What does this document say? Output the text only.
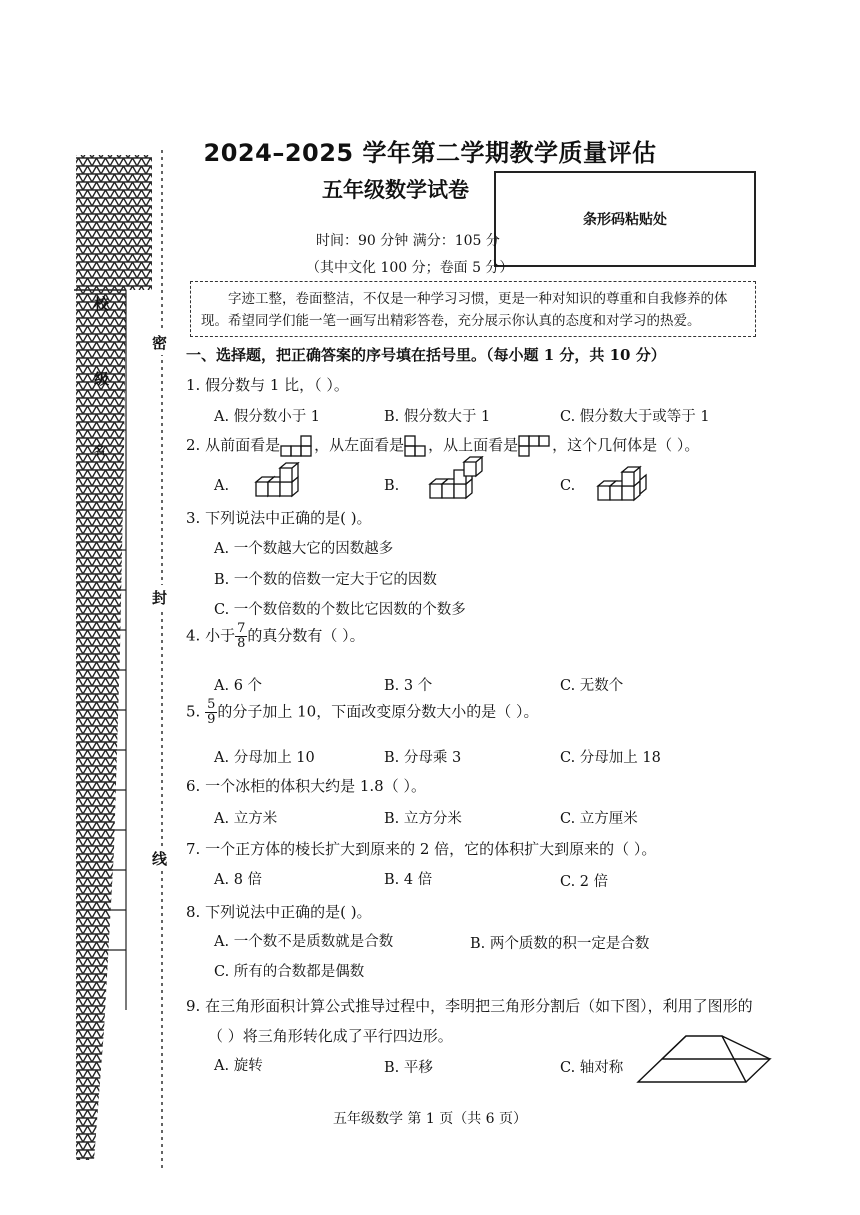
校
级
名
密
封
线
2024–2025 学年第二学期教学质量评估
五年级数学试卷
条形码粘贴处
时间：90 分钟 满分：105 分
（其中文化 100 分；卷面 5 分）
字迹工整，卷面整洁，不仅是一种学习习惯，更是一种对知识的尊重和自我修养的体现。希望同学们能一笔一画写出精彩答卷，充分展示你认真的态度和对学习的热爱。
一、选择题，把正确答案的序号填在括号里。（每小题 1 分，共 10 分）
1. 假分数与 1 比，（ ）。
A. 假分数小于 1	B. 假分数大于 1	C. 假分数大于或等于 1
2. 从前面看是 ，从左面看是 ，从上面看是 ，这个几何体是（ ）。
A.	B.	C.
3. 下列说法中正确的是( )。
A. 一个数越大它的因数越多
B. 一个数的倍数一定大于它的因数
C. 一个数倍数的个数比它因数的个数多
4. 小于 $\frac{7}{8}$ 的真分数有（ ）。
A. 6 个	B. 3 个	C. 无数个
5. $\frac{5}{9}$ 的分子加上 10，下面改变原分数大小的是（ ）。
A. 分母加上 10	B. 分母乘 3	C. 分母加上 18
6. 一个冰柜的体积大约是 1.8（ ）。
A. 立方米	B. 立方分米	C. 立方厘米
7. 一个正方体的棱长扩大到原来的 2 倍，它的体积扩大到原来的（ ）。
A. 8 倍	B. 4 倍	C. 2 倍
8. 下列说法中正确的是( )。
A. 一个数不是质数就是合数	B. 两个质数的积一定是合数
C. 所有的合数都是偶数
9. 在三角形面积计算公式推导过程中，李明把三角形分割后（如下图），利用了图形的
（ ）将三角形转化成了平行四边形。
A. 旋转	B. 平移	C. 轴对称
五年级数学 第 1 页（共 6 页）
